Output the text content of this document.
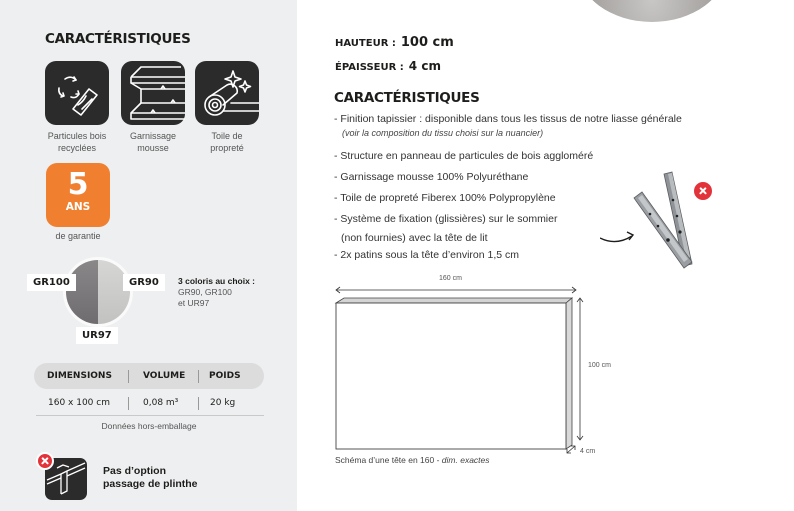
CARACTÉRISTIQUES
Particules bois
recyclées
Garnissage
mousse
Toile de
propreté
5
ANS
de garantie
GR100	GR90
UR97
3 coloris au choix :
GR90, GR100
et UR97
DIMENSIONS	VOLUME	POIDS
160 x 100 cm	0,08 m³	20 kg
Données hors-emballage
Pas d’option
passage de plinthe
HAUTEUR : 100 cm
ÉPAISSEUR : 4 cm
CARACTÉRISTIQUES
- Finition tapissier : disponible dans tous les tissus de notre liasse générale
(voir la composition du tissu choisi sur la nuancier)
- Structure en panneau de particules de bois aggloméré
- Garnissage mousse 100% Polyuréthane
- Toile de propreté Fiberex 100% Polypropylène
- Système de fixation (glissières) sur le sommier
(non fournies) avec la tête de lit
- 2x patins sous la tête d’environ 1,5 cm
160 cm
100 cm
4 cm
Schéma d’une tête en 160 - dim. exactes
